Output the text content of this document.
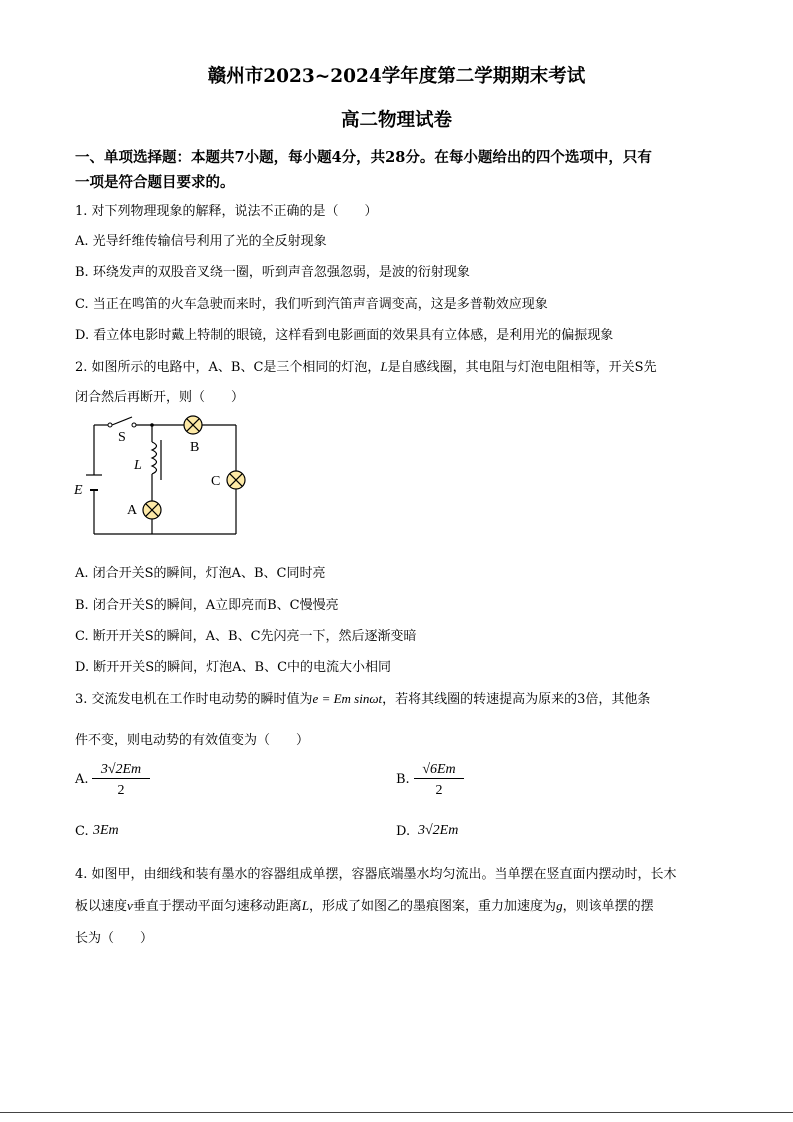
赣州市2023~2024学年度第二学期期末考试
高二物理试卷
一、单项选择题：本题共7小题，每小题4分，共28分。在每小题给出的四个选项中，只有
一项是符合题目要求的。
1. 对下列物理现象的解释，说法不正确的是（　　）
A. 光导纤维传输信号利用了光的全反射现象
B. 环绕发声的双股音叉绕一圈，听到声音忽强忽弱，是波的衍射现象
C. 当正在鸣笛的火车急驶而来时，我们听到汽笛声音调变高，这是多普勒效应现象
D. 看立体电影时戴上特制的眼镜，这样看到电影画面的效果具有立体感，是利用光的偏振现象
2. 如图所示的电路中，A、B、C是三个相同的灯泡，L是自感线圈，其电阻与灯泡电阻相等，开关S先
闭合然后再断开，则（　　）
S
B
L
C
E
A
A. 闭合开关S的瞬间，灯泡A、B、C同时亮
B. 闭合开关S的瞬间，A立即亮而B、C慢慢亮
C. 断开开关S的瞬间，A、B、C先闪亮一下，然后逐渐变暗
D. 断开开关S的瞬间，灯泡A、B、C中的电流大小相同
3. 交流发电机在工作时电动势的瞬时值为e = Em sinωt，若将其线圈的转速提高为原来的3倍，其他条
件不变，则电动势的有效值变为（　　）
A.
3√2Em
2
B.
√6Em
2
C. 3Em	D. 3√2Em
4. 如图甲，由细线和装有墨水的容器组成单摆，容器底端墨水均匀流出。当单摆在竖直面内摆动时，长木
板以速度v垂直于摆动平面匀速移动距离L，形成了如图乙的墨痕图案，重力加速度为g，则该单摆的摆
长为（　　）
